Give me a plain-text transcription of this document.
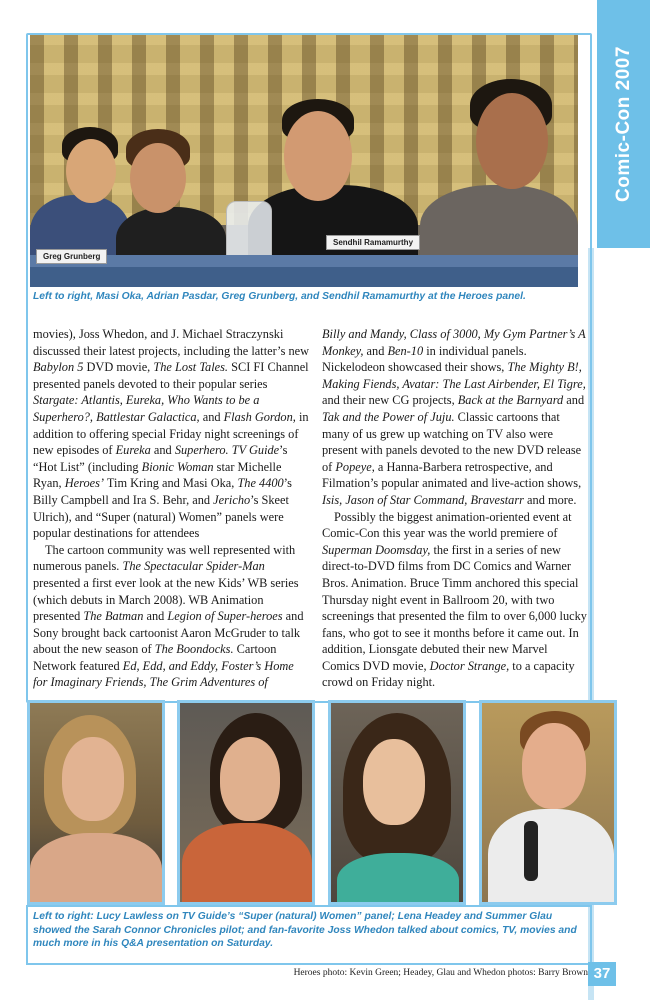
Comic-Con 2007
Greg Grunberg
Sendhil Ramamurthy
Left to right, Masi Oka, Adrian Pasdar, Greg Grunberg, and Sendhil Ramamurthy at the Heroes panel.

movies), Joss Whedon, and J. Michael Straczynski discussed their latest projects, including the latter’s new Babylon 5 DVD movie, The Lost Tales. SCI FI Channel presented panels devoted to their popular series Stargate: Atlantis, Eureka, Who Wants to be a Superhero?, Battlestar Galactica, and Flash Gordon, in addition to offering special Friday night screenings of new episodes of Eureka and Superhero. TV Guide’s “Hot List” (including Bionic Woman star Michelle Ryan, Heroes’ Tim Kring and Masi Oka, The 4400’s Billy Campbell and Ira S. Behr, and Jericho’s Skeet Ulrich), and “Super (natural) Women” panels were popular destinations for attendees

The cartoon community was well represented with numerous panels. The Spectacular Spider-Man presented a first ever look at the new Kids’ WB series (which debuts in March 2008). WB Animation presented The Batman and Legion of Super-heroes and Sony brought back cartoonist Aaron McGruder to talk about the new season of The Boondocks. Cartoon Network featured Ed, Edd, and Eddy, Foster’s Home for Imaginary Friends, The Grim Adventures of

Billy and Mandy, Class of 3000, My Gym Partner’s A Monkey, and Ben-10 in individual panels. Nickelodeon showcased their shows, The Mighty B!, Making Fiends, Avatar: The Last Airbender, El Tigre, and their new CG projects, Back at the Barnyard and Tak and the Power of Juju. Classic cartoons that many of us grew up watching on TV also were present with panels devoted to the new DVD release of Popeye, a Hanna-Barbera retrospective, and Filmation’s popular animated and live-action shows, Isis, Jason of Star Command, Bravestarr and more.

Possibly the biggest animation-oriented event at Comic-Con this year was the world premiere of Superman Doomsday, the first in a series of new direct-to-DVD films from DC Comics and Warner Bros. Animation. Bruce Timm anchored this special Thursday night event in Ballroom 20, with two screenings that presented the film to over 6,000 lucky fans, who got to see it months before it came out. In addition, Lionsgate debuted their new Marvel Comics DVD movie, Doctor Strange, to a capacity crowd on Friday night.

Left to right: Lucy Lawless on TV Guide’s “Super (natural) Women” panel; Lena Headey and Summer Glau showed the Sarah Connor Chronicles pilot; and fan-favorite Joss Whedon talked about comics, TV, movies and much more in his Q&A presentation on Saturday.
Heroes photo: Kevin Green; Headey, Glau and Whedon photos: Barry Brown 37
